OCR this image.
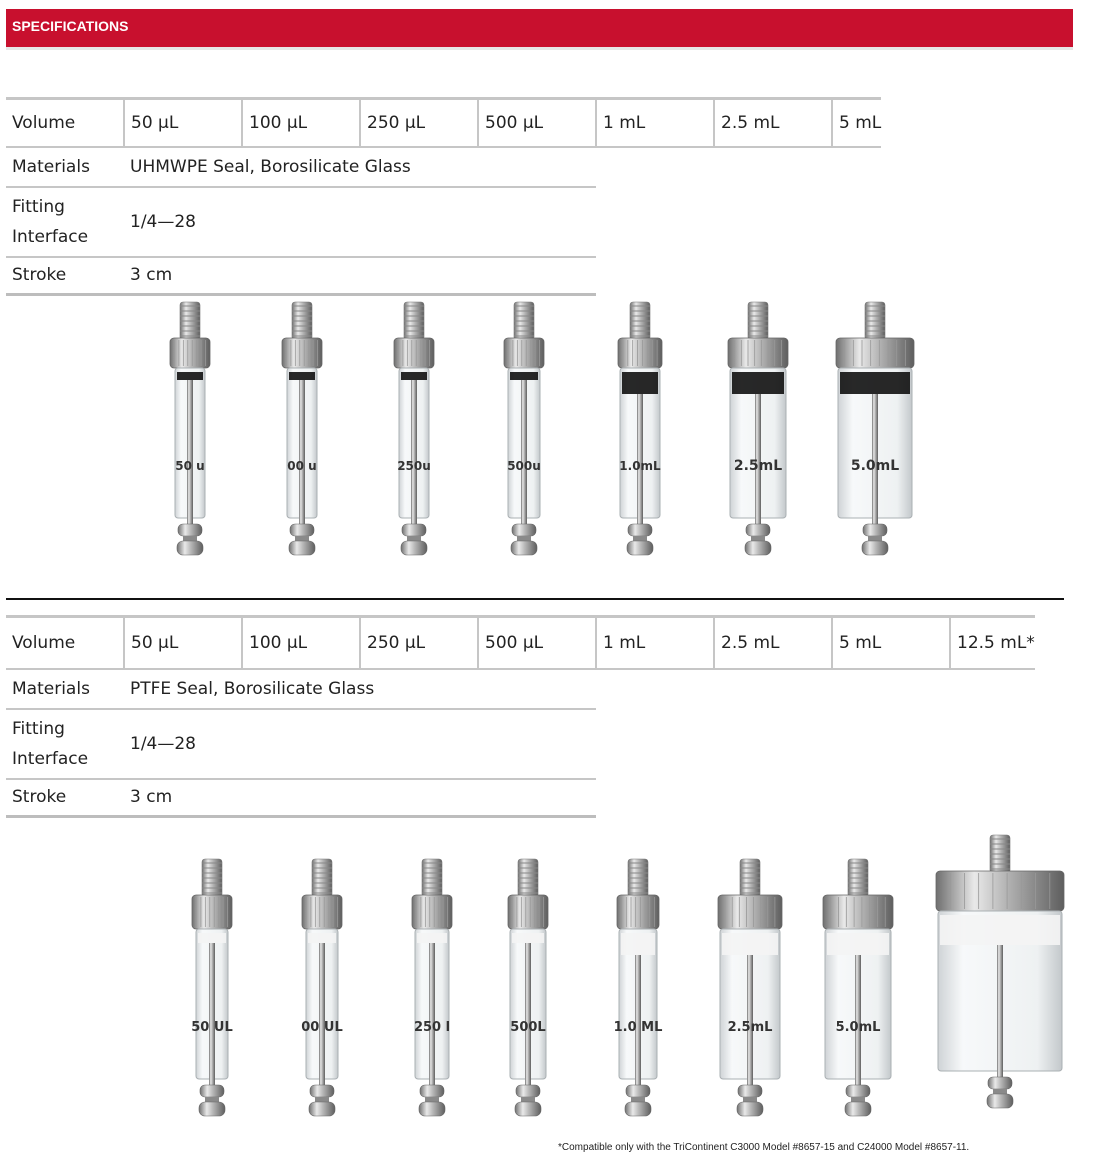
SPECIFICATIONS
Volume	50 µL	100 µL	250 µL	500 µL	1 mL	2.5 mL	5 mL
Materials	UHMWPE Seal, Borosilicate Glass						
Fitting Interface	1/4—28						
Stroke	3 cm						
50 u	00 u	250u	500u	1.0mL	2.5mL	5.0mL
Volume	50 µL	100 µL	250 µL	500 µL	1 mL	2.5 mL	5 mL	12.5 mL*
Materials	PTFE Seal, Borosilicate Glass							
Fitting Interface	1/4—28							
Stroke	3 cm							
50 UL	00 UL	250 l	500L	1.0 ML	2.5mL	5.0mL
*Compatible only with the TriContinent C3000 Model #8657-15 and C24000 Model #8657-11.
